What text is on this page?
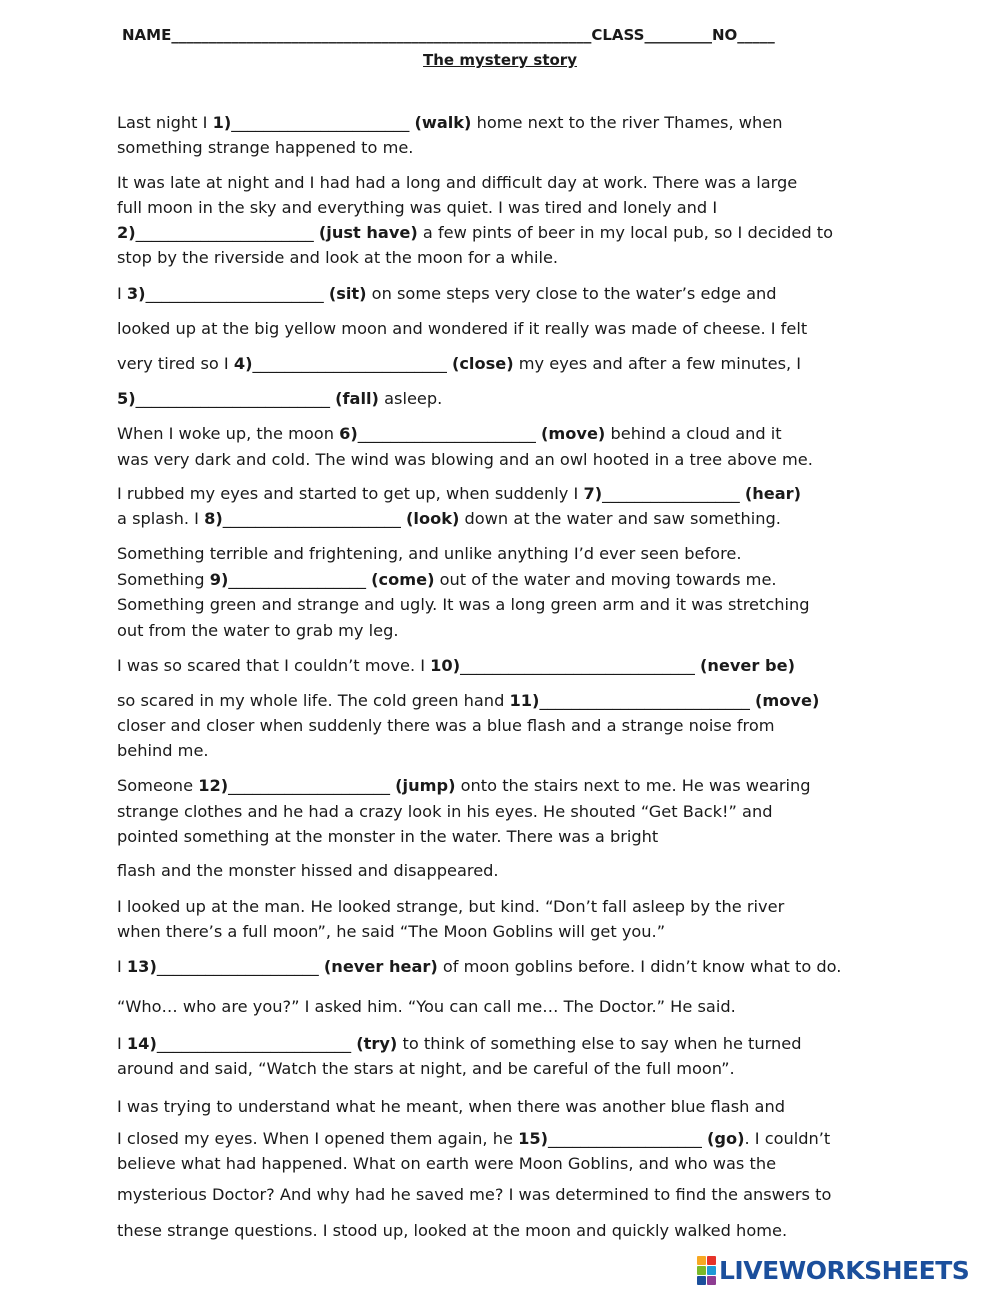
NAME________________________________________________________CLASS_________NO_____
The mystery story
Last night I 1)______________________ (walk) home next to the river Thames, when
something strange happened to me.
It was late at night and I had had a long and difficult day at work. There was a large
full moon in the sky and everything was quiet. I was tired and lonely and I
2)______________________ (just have) a few pints of beer in my local pub, so I decided to
stop by the riverside and look at the moon for a while.
I 3)______________________ (sit) on some steps very close to the water’s edge and
looked up at the big yellow moon and wondered if it really was made of cheese. I felt
very tired so I 4)________________________ (close) my eyes and after a few minutes, I
5)________________________ (fall) asleep.
When I woke up, the moon 6)______________________ (move) behind a cloud and it
was very dark and cold. The wind was blowing and an owl hooted in a tree above me.
I rubbed my eyes and started to get up, when suddenly I 7)_________________ (hear)
a splash. I 8)______________________ (look) down at the water and saw something.
Something terrible and frightening, and unlike anything I’d ever seen before.
Something 9)_________________ (come) out of the water and moving towards me.
Something green and strange and ugly. It was a long green arm and it was stretching
out from the water to grab my leg.
I was so scared that I couldn’t move. I 10)_____________________________ (never be)
so scared in my whole life. The cold green hand 11)__________________________ (move)
closer and closer when suddenly there was a blue flash and a strange noise from
behind me.
Someone 12)____________________ (jump) onto the stairs next to me. He was wearing
strange clothes and he had a crazy look in his eyes. He shouted “Get Back!” and
pointed something at the monster in the water. There was a bright
flash and the monster hissed and disappeared.
I looked up at the man. He looked strange, but kind. “Don’t fall asleep by the river
when there’s a full moon”, he said “The Moon Goblins will get you.”
I 13)____________________ (never hear) of moon goblins before. I didn’t know what to do.
“Who… who are you?” I asked him. “You can call me… The Doctor.” He said.
I 14)________________________ (try) to think of something else to say when he turned
around and said, “Watch the stars at night, and be careful of the full moon”.
I was trying to understand what he meant, when there was another blue flash and
I closed my eyes. When I opened them again, he 15)___________________ (go). I couldn’t
believe what had happened. What on earth were Moon Goblins, and who was the
mysterious Doctor? And why had he saved me? I was determined to find the answers to
these strange questions. I stood up, looked at the moon and quickly walked home.
LIVEWORKSHEETS
